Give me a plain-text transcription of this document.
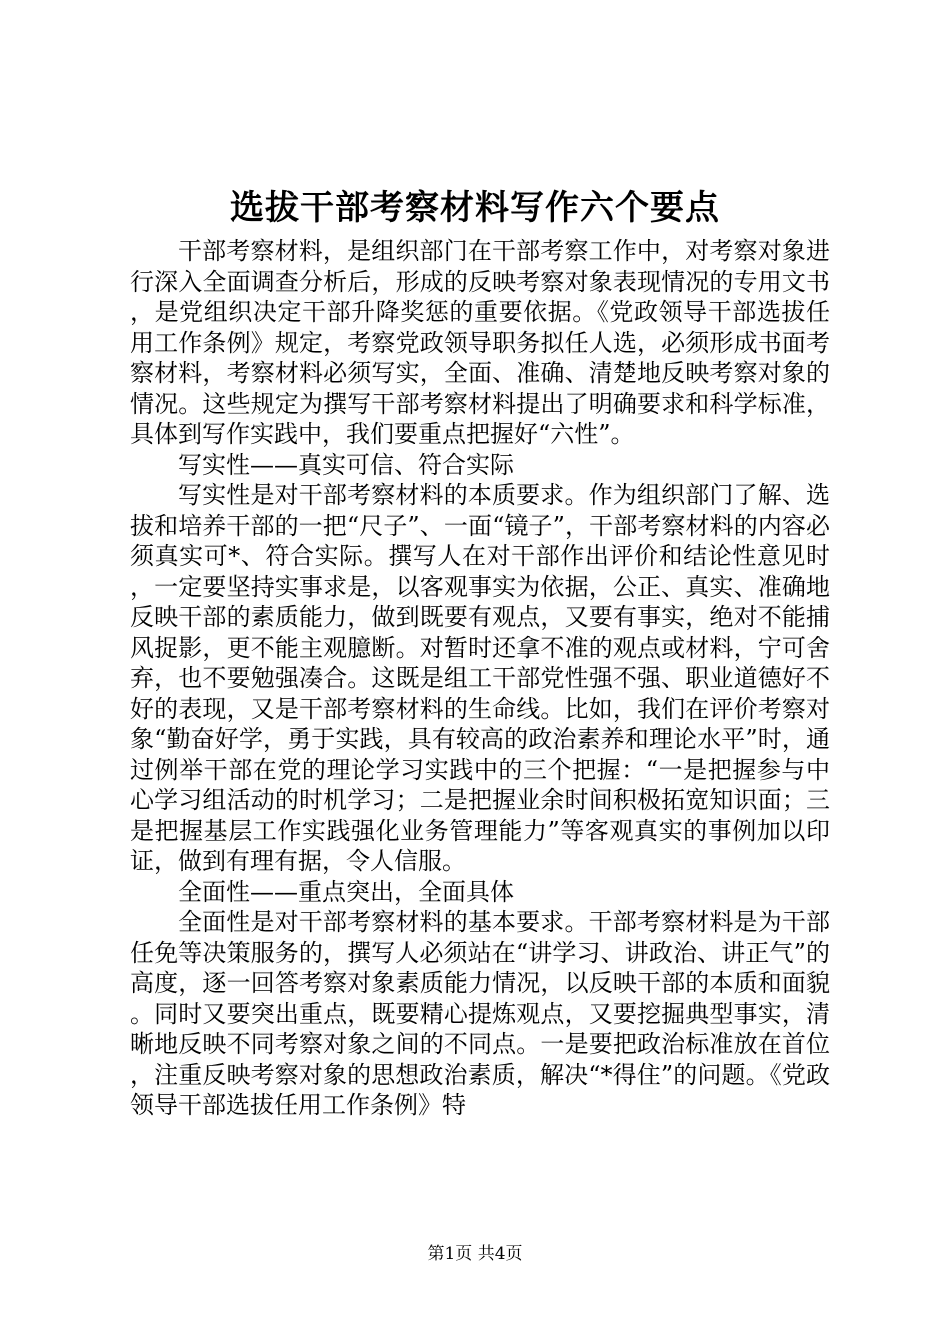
选拔干部考察材料写作六个要点

干部考察材料，是组织部门在干部考察工作中，对考察对象进行深入全面调查分析后，形成的反映考察对象表现情况的专用文书，是党组织决定干部升降奖惩的重要依据。《党政领导干部选拔任用工作条例》规定，考察党政领导职务拟任人选，必须形成书面考察材料，考察材料必须写实，全面、准确、清楚地反映考察对象的情况。这些规定为撰写干部考察材料提出了明确要求和科学标准，具体到写作实践中，我们要重点把握好“六性”。

写实性——真实可信、符合实际

写实性是对干部考察材料的本质要求。作为组织部门了解、选拔和培养干部的一把“尺子”、一面“镜子”，干部考察材料的内容必须真实可*、符合实际。撰写人在对干部作出评价和结论性意见时，一定要坚持实事求是，以客观事实为依据，公正、真实、准确地反映干部的素质能力，做到既要有观点，又要有事实，绝对不能捕风捉影，更不能主观臆断。对暂时还拿不准的观点或材料，宁可舍弃，也不要勉强凑合。这既是组工干部党性强不强、职业道德好不好的表现，又是干部考察材料的生命线。比如，我们在评价考察对象“勤奋好学，勇于实践，具有较高的政治素养和理论水平”时，通过例举干部在党的理论学习实践中的三个把握：“一是把握参与中心学习组活动的时机学习；二是把握业余时间积极拓宽知识面；三是把握基层工作实践强化业务管理能力”等客观真实的事例加以印证，做到有理有据，令人信服。

全面性——重点突出，全面具体

全面性是对干部考察材料的基本要求。干部考察材料是为干部任免等决策服务的，撰写人必须站在“讲学习、讲政治、讲正气”的高度，逐一回答考察对象素质能力情况，以反映干部的本质和面貌。同时又要突出重点，既要精心提炼观点，又要挖掘典型事实，清晰地反映不同考察对象之间的不同点。一是要把政治标准放在首位，注重反映考察对象的思想政治素质，解决“*得住”的问题。《党政领导干部选拔任用工作条例》特

第1页 共4页
